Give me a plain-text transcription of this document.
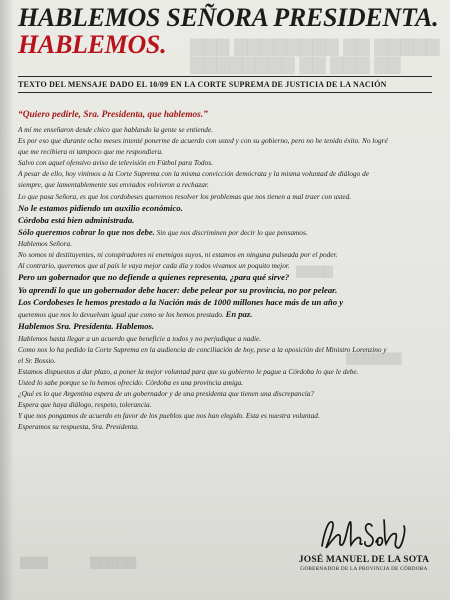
▇▇▇ ▇▇▇▇▇▇▇▇ ▇▇ ▇▇▇▇▇
▇▇▇▇▇▇▇▇ ▇▇ ▇▇▇ ▇▇
▇▇▇▇
▇▇▇▇▇▇
▇▇▇	▇▇▇▇▇
HABLEMOS SEÑORA PRESIDENTA.
HABLEMOS.
TEXTO DEL MENSAJE DADO EL 10/09 EN LA CORTE SUPREMA DE JUSTICIA DE LA NACIÓN

“Quiero pedirle, Sra. Presidenta, que hablemos.”

A mí me enseñaron desde chico que hablando la gente se entiende.

Es por eso que durante ocho meses intenté ponerme de acuerdo con usted y con su gobierno, pero no he tenido éxito. No logré

que me recibiera ni tampoco que me respondiera.

Salvo con aquel ofensivo aviso de televisión en Fútbol para Todos.

A pesar de ello, hoy vinimos a la Corte Suprema con la misma convicción demócrata y la misma voluntad de diálogo de

siempre, que lamentablemente sus enviados volvieron a rechazar.

Lo que pasa Señora, es que los cordobeses queremos resolver los problemas que nos tienen a mal traer con usted.

No le estamos pidiendo un auxilio económico.

Córdoba está bien administrada.

Sólo queremos cobrar lo que nos debe. Sin que nos discriminen por decir lo que pensamos.

Hablemos Señora.

No somos ni destituyentes, ni conspiradores ni enemigos suyos, ni estamos en ninguna pulseada por el poder.

Al contrario, queremos que al país le vaya mejor cada día y todos vivamos un poquito mejor.

Pero un gobernador que no defiende a quienes representa, ¿para qué sirve?

Yo aprendí lo que un gobernador debe hacer: debe pelear por su provincia, no por pelear.

Los Cordobeses le hemos prestado a la Nación más de 1000 millones hace más de un año y

queremos que nos lo devuelvan igual que como se los hemos prestado. En paz.

Hablemos Sra. Presidenta. Hablemos.

Hablemos hasta llegar a un acuerdo que beneficie a todos y no perjudique a nadie.

Como nos lo ha pedido la Corte Suprema en la audiencia de conciliación de hoy, pese a la oposición del Ministro Lorenzino y

el Sr. Bossio.

Estamos dispuestos a dar plazo, a poner la mejor voluntad para que su gobierno le pague a Córdoba lo que le debe.

Usted lo sabe porque se lo hemos ofrecido. Córdoba es una provincia amiga.

¿Qué es lo que Argentina espera de un gobernador y de una presidenta que tienen una discrepancia?

Espera que haya diálogo, respeto, tolerancia.

Y que nos pongamos de acuerdo en favor de los pueblos que nos han elegido. Esta es nuestra voluntad.

Esperamos su respuesta, Sra. Presidenta.

JOSÉ MANUEL DE LA SOTA
GOBERNADOR DE LA PROVINCIA DE CÓRDOBA
